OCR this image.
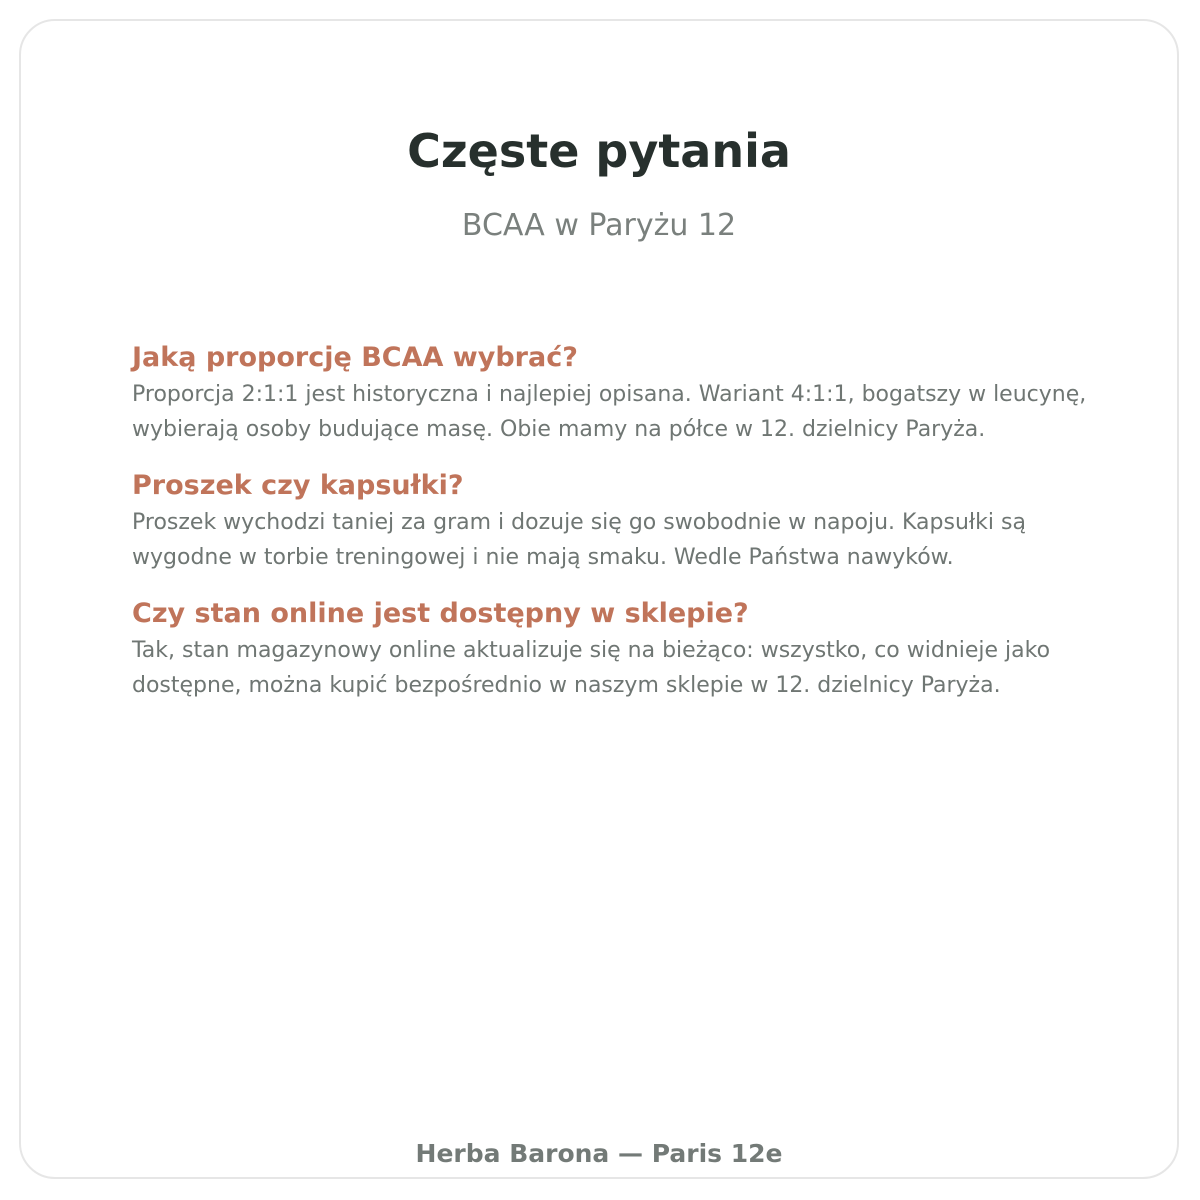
Częste pytania

BCAA w Paryżu 12

Jaką proporcję BCAA wybrać?

Proporcja 2:1:1 jest historyczna i najlepiej opisana. Wariant 4:1:1, bogatszy w leucynę, wybierają osoby budujące masę. Obie mamy na półce w 12. dzielnicy Paryża.

Proszek czy kapsułki?

Proszek wychodzi taniej za gram i dozuje się go swobodnie w napoju. Kapsułki są wygodne w torbie treningowej i nie mają smaku. Wedle Państwa nawyków.

Czy stan online jest dostępny w sklepie?

Tak, stan magazynowy online aktualizuje się na bieżąco: wszystko, co widnieje jako dostępne, można kupić bezpośrednio w naszym sklepie w 12. dzielnicy Paryża.

Herba Barona — Paris 12e
